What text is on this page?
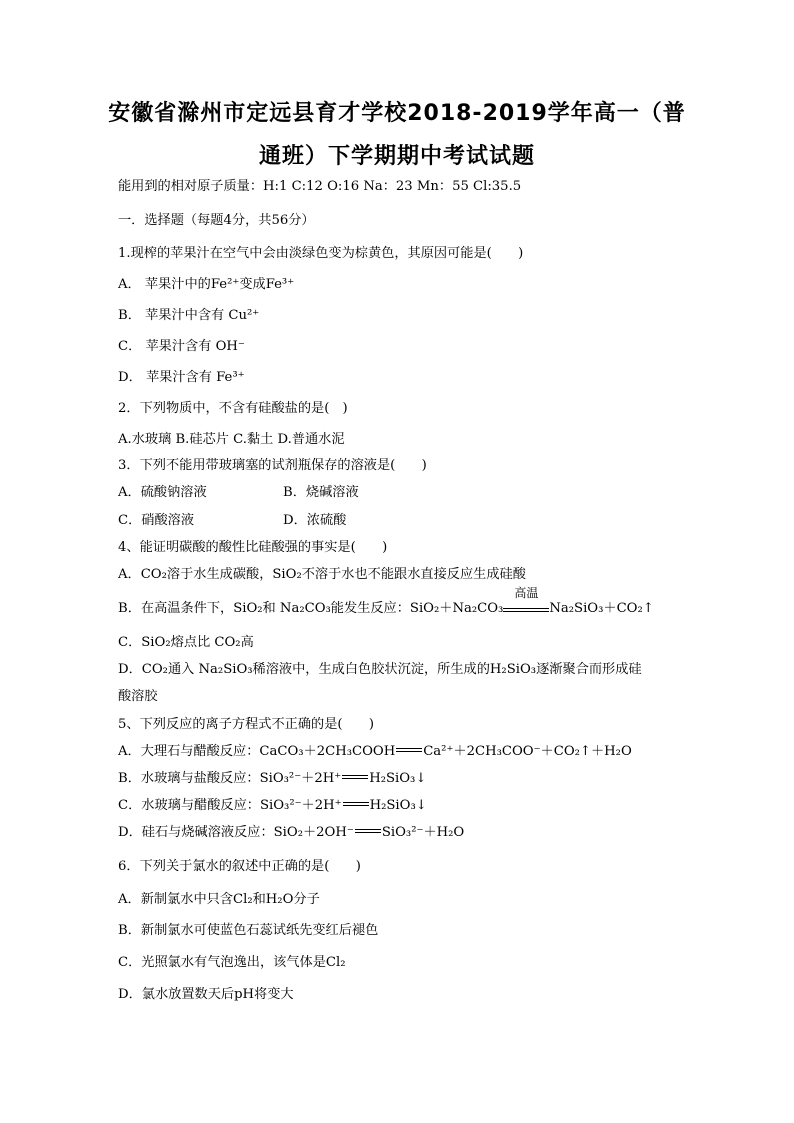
安徽省滁州市定远县育才学校2018-2019学年高一（普
通班）下学期期中考试试题
能用到的相对原子质量：H:1 C:12 O:16 Na：23 Mn：55 Cl:35.5
一．选择题（每题4分，共56分）
1.现榨的苹果汁在空气中会由淡绿色变为棕黄色，其原因可能是(　　)
A． 苹果汁中的Fe²⁺变成Fe³⁺
B． 苹果汁中含有 Cu²⁺
C． 苹果汁含有 OH⁻
D． 苹果汁含有 Fe³⁺
2．下列物质中，不含有硅酸盐的是(　)
A.水玻璃 B.硅芯片 C.黏土 D.普通水泥
3．下列不能用带玻璃塞的试剂瓶保存的溶液是(　　)
A．硫酸钠溶液	B．烧碱溶液
C．硝酸溶液	D．浓硫酸
4、能证明碳酸的酸性比硅酸强的事实是(　　)
A．CO₂溶于水生成碳酸，SiO₂不溶于水也不能跟水直接反应生成硅酸
B．在高温条件下，SiO₂和 Na₂CO₃能发生反应：SiO₂＋Na₂CO₃
高温
Na₂SiO₃＋CO₂↑
C．SiO₂熔点比 CO₂高
D．CO₂通入 Na₂SiO₃稀溶液中，生成白色胶状沉淀，所生成的H₂SiO₃逐渐聚合而形成硅
酸溶胶
5、下列反应的离子方程式不正确的是(　　)
A．大理石与醋酸反应：CaCO₃＋2CH₃COOH Ca²⁺＋2CH₃COO⁻＋CO₂↑＋H₂O
B．水玻璃与盐酸反应：SiO₃²⁻＋2H⁺ H₂SiO₃↓
C．水玻璃与醋酸反应：SiO₃²⁻＋2H⁺ H₂SiO₃↓
D．硅石与烧碱溶液反应：SiO₂＋2OH⁻ SiO₃²⁻＋H₂O
6．下列关于氯水的叙述中正确的是(　　)
A．新制氯水中只含Cl₂和H₂O分子
B．新制氯水可使蓝色石蕊试纸先变红后褪色
C．光照氯水有气泡逸出，该气体是Cl₂
D．氯水放置数天后pH将变大
